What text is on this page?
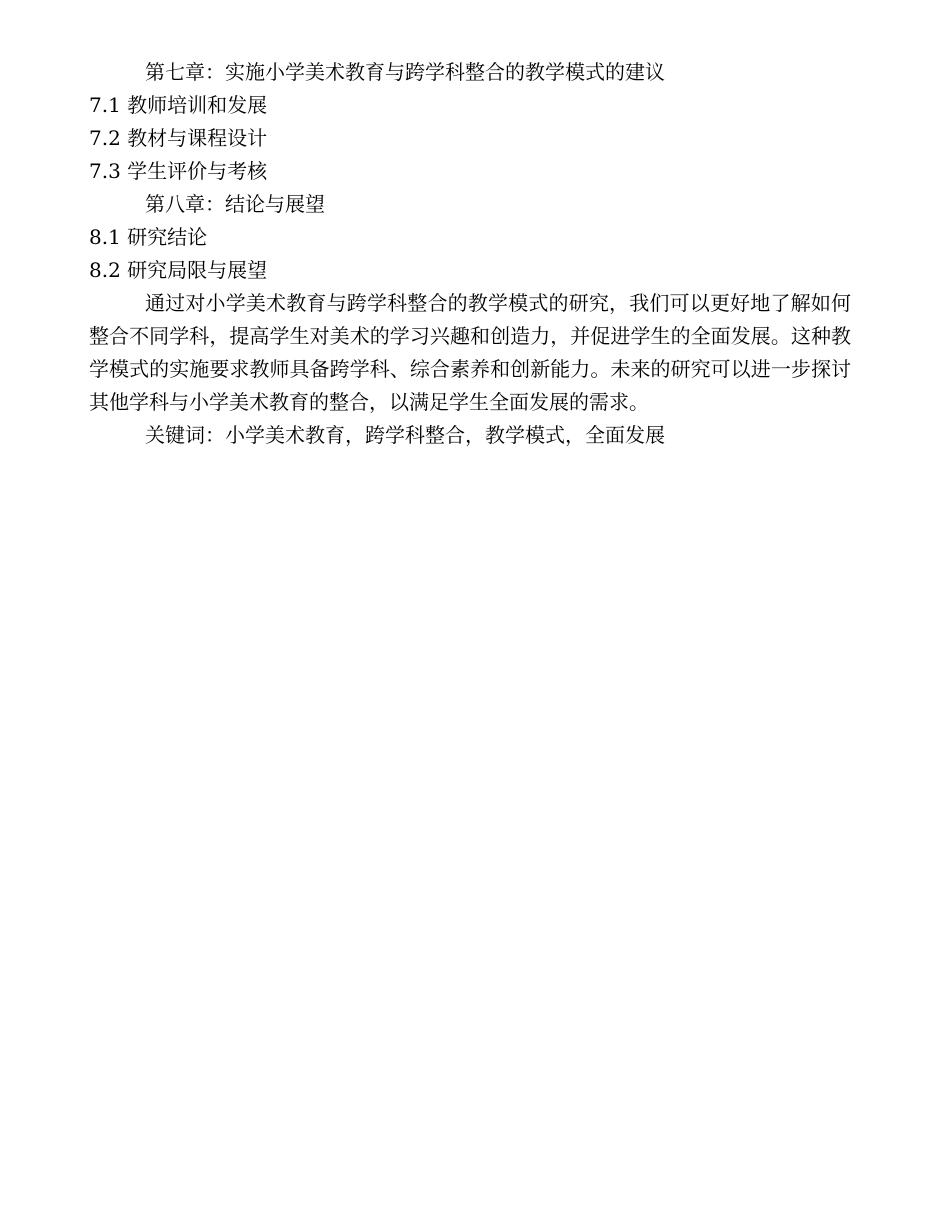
第七章：实施小学美术教育与跨学科整合的教学模式的建议
7.1 教师培训和发展
7.2 教材与课程设计
7.3 学生评价与考核
第八章：结论与展望
8.1 研究结论
8.2 研究局限与展望

通过对小学美术教育与跨学科整合的教学模式的研究，我们可以更好地了解如何整合不同学科，提高学生对美术的学习兴趣和创造力，并促进学生的全面发展。这种教学模式的实施要求教师具备跨学科、综合素养和创新能力。未来的研究可以进一步探讨其他学科与小学美术教育的整合，以满足学生全面发展的需求。

关键词：小学美术教育，跨学科整合，教学模式，全面发展
